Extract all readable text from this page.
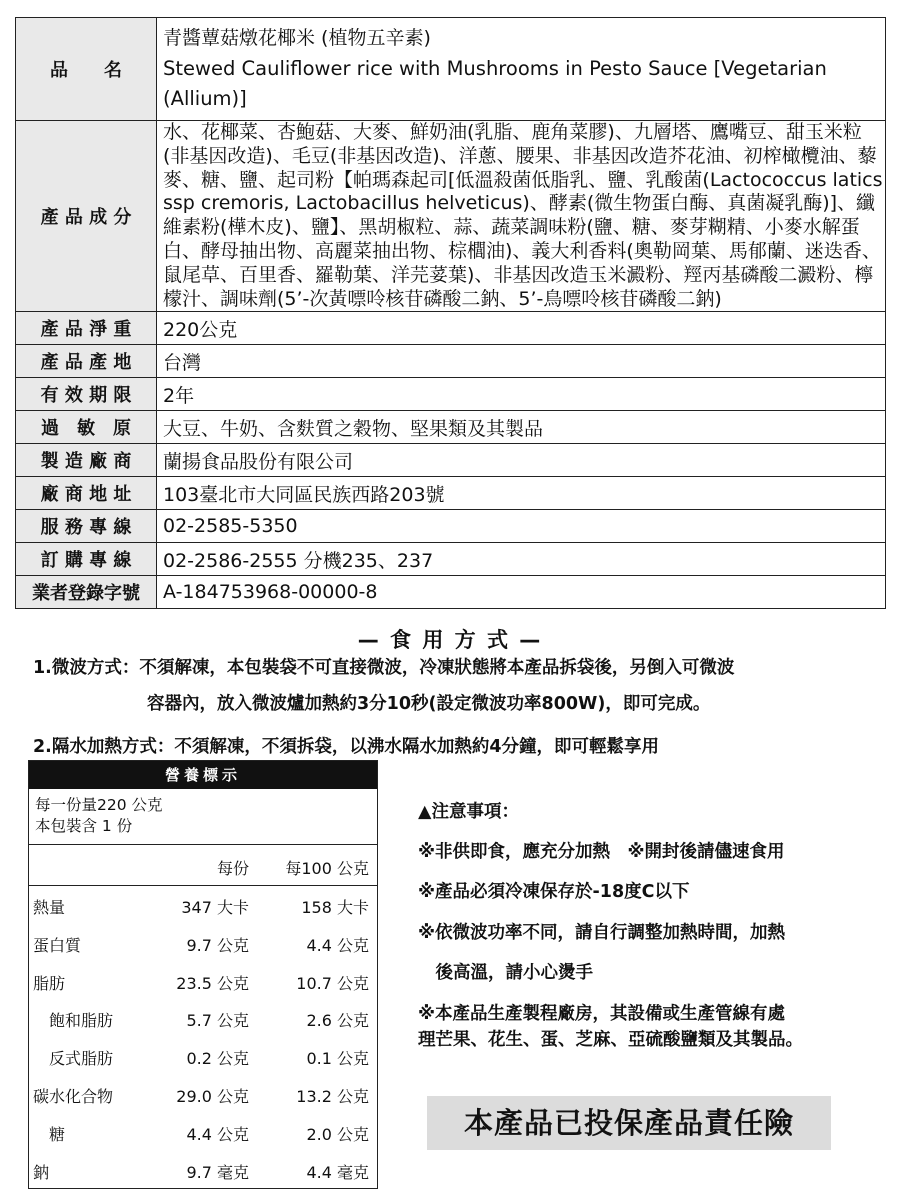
品　　名	青醬蕈菇燉花椰米 (植物五辛素)
Stewed Cauliflower rice with Mushrooms in Pesto Sauce [Vegetarian (Allium)]

產 品 成 分	水、花椰菜、杏鮑菇、大麥、鮮奶油(乳脂、鹿角菜膠)、九層塔、鷹嘴豆、甜玉米粒(非基因改造)、毛豆(非基因改造)、洋蔥、腰果、非基因改造芥花油、初榨橄欖油、藜麥、糖、鹽、起司粉【帕瑪森起司[低溫殺菌低脂乳、鹽、乳酸菌(Lactococcus latics ssp cremoris, Lactobacillus helveticus)、酵素(微生物蛋白酶、真菌凝乳酶)]、纖維素粉(樺木皮)、鹽】、黑胡椒粒、蒜、蔬菜調味粉(鹽、糖、麥芽糊精、小麥水解蛋白、酵母抽出物、高麗菜抽出物、棕櫚油)、義大利香料(奧勒岡葉、馬郁蘭、迷迭香、鼠尾草、百里香、羅勒葉、洋芫荽葉)、非基因改造玉米澱粉、羥丙基磷酸二澱粉、檸檬汁、調味劑(5’-次黃嘌呤核苷磷酸二鈉、5’-鳥嘌呤核苷磷酸二鈉)
產 品 淨 重	220公克
產 品 產 地	台灣
有 效 期 限	2年
過　敏　原	大豆、牛奶、含麩質之穀物、堅果類及其製品
製 造 廠 商	蘭揚食品股份有限公司
廠 商 地 址	103臺北市大同區民族西路203號
服 務 專 線	02-2585-5350
訂 購 專 線	02-2586-2555 分機235、237
業者登錄字號	A-184753968-00000-8
— 食 用 方 式 —
1.微波方式：不須解凍，本包裝袋不可直接微波，冷凍狀態將本產品拆袋後，另倒入可微波
容器內，放入微波爐加熱約3分10秒(設定微波功率800W)，即可完成。
2.隔水加熱方式：不須解凍，不須拆袋，以沸水隔水加熱約4分鐘，即可輕鬆享用
營養標示
每一份量220 公克
本包裝含 1 份
每份 每100 公克
熱量	347 大卡	158 大卡
蛋白質	9.7 公克	4.4 公克
脂肪	23.5 公克	10.7 公克
　飽和脂肪	5.7 公克	2.6 公克
　反式脂肪	0.2 公克	0.1 公克
碳水化合物	29.0 公克	13.2 公克
　糖	4.4 公克	2.0 公克
鈉	9.7 毫克	4.4 毫克
▲注意事項：
※非供即食，應充分加熱　※開封後請儘速食用
※產品必須冷凍保存於-18度C以下
※依微波功率不同，請自行調整加熱時間，加熱
　後高溫，請小心燙手
※本產品生產製程廠房，其設備或生產管線有處
理芒果、花生、蛋、芝麻、亞硫酸鹽類及其製品。
本產品已投保產品責任險
